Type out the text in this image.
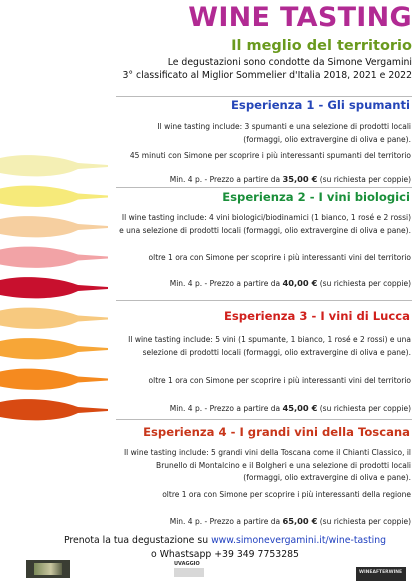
WINE TASTING
Il meglio del territorio
Le degustazioni sono condotte da Simone Vergamini
3° classificato al Miglior Sommelier d'Italia 2018, 2021 e 2022
Esperienza 1 - Gli spumanti
Il wine tasting include: 3 spumanti e una selezione di prodotti locali (formaggi, olio extravergine di oliva e pane).
45 minuti con Simone per scoprire i più interessanti spumanti del territorio
Min. 4 p. - Prezzo a partire da 35,00 € (su richiesta per coppie)
Esperienza 2 - I vini biologici
Il wine tasting include: 4 vini biologici/biodinamici (1 bianco, 1 rosé e 2 rossi) e una selezione di prodotti locali (formaggi, olio extravergine di oliva e pane).
oltre 1 ora con Simone per scoprire i più interessanti vini del territorio
Min. 4 p. - Prezzo a partire da 40,00 € (su richiesta per coppie)
Esperienza 3 - I vini di Lucca
Il wine tasting include: 5 vini (1 spumante, 1 bianco, 1 rosé e 2 rossi) e una selezione di prodotti locali (formaggi, olio extravergine di oliva e pane).
oltre 1 ora con Simone per scoprire i più interessanti vini del territorio
Min. 4 p. - Prezzo a partire da 45,00 € (su richiesta per coppie)
Esperienza 4 - I grandi vini della Toscana
Il wine tasting include: 5 grandi vini della Toscana come il Chianti Classico, il Brunello di Montalcino e il Bolgheri e una selezione di prodotti locali (formaggi, olio extravergine di oliva e pane).
oltre 1 ora con Simone per scoprire i più interessanti della regione
Min. 4 p. - Prezzo a partire da 65,00 € (su richiesta per coppie)
Prenota la tua degustazione su www.simonevergamini.it/wine-tasting
o Whastsapp +39 349 7753285
UVAGGIO
WINEAFTERWINE
